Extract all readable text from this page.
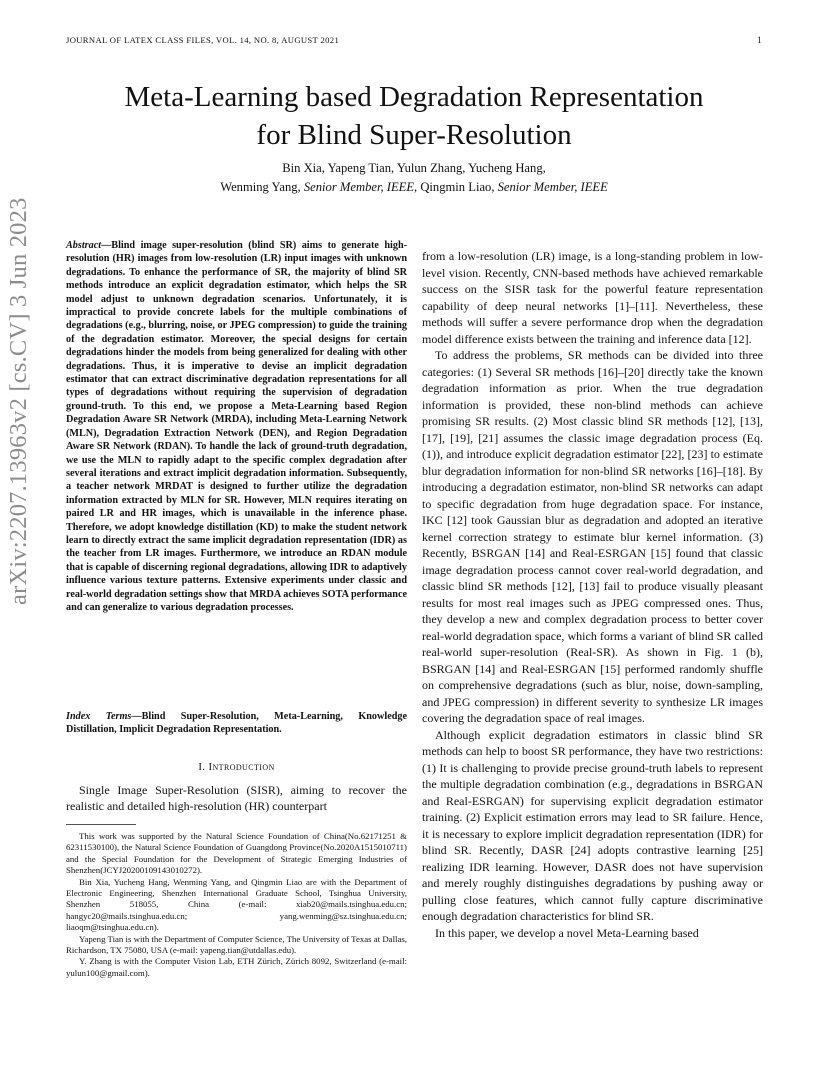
JOURNAL OF LATEX CLASS FILES, VOL. 14, NO. 8, AUGUST 2021	1
arXiv:2207.13963v2 [cs.CV] 3 Jun 2023
Meta-Learning based Degradation Representation
for Blind Super-Resolution
Bin Xia, Yapeng Tian, Yulun Zhang, Yucheng Hang,
Wenming Yang, Senior Member, IEEE, Qingmin Liao, Senior Member, IEEE
Abstract—Blind image super-resolution (blind SR) aims to generate high-resolution (HR) images from low-resolution (LR) input images with unknown degradations. To enhance the performance of SR, the majority of blind SR methods introduce an explicit degradation estimator, which helps the SR model adjust to unknown degradation scenarios. Unfortunately, it is impractical to provide concrete labels for the multiple combinations of degradations (e.g., blurring, noise, or JPEG compression) to guide the training of the degradation estimator. Moreover, the special designs for certain degradations hinder the models from being generalized for dealing with other degradations. Thus, it is imperative to devise an implicit degradation estimator that can extract discriminative degradation representations for all types of degradations without requiring the supervision of degradation ground-truth. To this end, we propose a Meta-Learning based Region Degradation Aware SR Network (MRDA), including Meta-Learning Network (MLN), Degradation Extraction Network (DEN), and Region Degradation Aware SR Network (RDAN). To handle the lack of ground-truth degradation, we use the MLN to rapidly adapt to the specific complex degradation after several iterations and extract implicit degradation information. Subsequently, a teacher network MRDAT is designed to further utilize the degradation information extracted by MLN for SR. However, MLN requires iterating on paired LR and HR images, which is unavailable in the inference phase. Therefore, we adopt knowledge distillation (KD) to make the student network learn to directly extract the same implicit degradation representation (IDR) as the teacher from LR images. Furthermore, we introduce an RDAN module that is capable of discerning regional degradations, allowing IDR to adaptively influence various texture patterns. Extensive experiments under classic and real-world degradation settings show that MRDA achieves SOTA performance and can generalize to various degradation processes.
Index Terms—Blind Super-Resolution, Meta-Learning, Knowledge Distillation, Implicit Degradation Representation.
I. Introduction
Single Image Super-Resolution (SISR), aiming to recover the realistic and detailed high-resolution (HR) counterpart

This work was supported by the Natural Science Foundation of China(No.62171251 & 62311530100), the Natural Science Foundation of Guangdong Province(No.2020A1515010711) and the Special Foundation for the Development of Strategic Emerging Industries of Shenzhen(JCYJ20200109143010272).

Bin Xia, Yucheng Hang, Wenming Yang, and Qingmin Liao are with the Department of Electronic Engineering, Shenzhen International Graduate School, Tsinghua University, Shenzhen 518055, China (e-mail: xiab20@mails.tsinghua.edu.cn; hangyc20@mails.tsinghua.edu.cn; yang.wenming@sz.tsinghua.edu.cn; liaoqm@tsinghua.edu.cn).

Yapeng Tian is with the Department of Computer Science, The University of Texas at Dallas, Richardson, TX 75080, USA (e-mail: yapeng.tian@utdallas.edu).

Y. Zhang is with the Computer Vision Lab, ETH Zürich, Zürich 8092, Switzerland (e-mail: yulun100@gmail.com).

from a low-resolution (LR) image, is a long-standing problem in low-level vision. Recently, CNN-based methods have achieved remarkable success on the SISR task for the powerful feature representation capability of deep neural networks [1]–[11]. Nevertheless, these methods will suffer a severe performance drop when the degradation model difference exists between the training and inference data [12].

To address the problems, SR methods can be divided into three categories: (1) Several SR methods [16]–[20] directly take the known degradation information as prior. When the true degradation information is provided, these non-blind methods can achieve promising SR results. (2) Most classic blind SR methods [12], [13], [17], [19], [21] assumes the classic image degradation process (Eq. (1)), and introduce explicit degradation estimator [22], [23] to estimate blur degradation information for non-blind SR networks [16]–[18]. By introducing a degradation estimator, non-blind SR networks can adapt to specific degradation from huge degradation space. For instance, IKC [12] took Gaussian blur as degradation and adopted an iterative kernel correction strategy to estimate blur kernel information. (3) Recently, BSRGAN [14] and Real-ESRGAN [15] found that classic image degradation process cannot cover real-world degradation, and classic blind SR methods [12], [13] fail to produce visually pleasant results for most real images such as JPEG compressed ones. Thus, they develop a new and complex degradation process to better cover real-world degradation space, which forms a variant of blind SR called real-world super-resolution (Real-SR). As shown in Fig. 1 (b), BSRGAN [14] and Real-ESRGAN [15] performed randomly shuffle on comprehensive degradations (such as blur, noise, down-sampling, and JPEG compression) in different severity to synthesize LR images covering the degradation space of real images.

Although explicit degradation estimators in classic blind SR methods can help to boost SR performance, they have two restrictions: (1) It is challenging to provide precise ground-truth labels to represent the multiple degradation combination (e.g., degradations in BSRGAN and Real-ESRGAN) for supervising explicit degradation estimator training. (2) Explicit estimation errors may lead to SR failure. Hence, it is necessary to explore implicit degradation representation (IDR) for blind SR. Recently, DASR [24] adopts contrastive learning [25] realizing IDR learning. However, DASR does not have supervision and merely roughly distinguishes degradations by pushing away or pulling close features, which cannot fully capture discriminative enough degradation characteristics for blind SR.

In this paper, we develop a novel Meta-Learning based
